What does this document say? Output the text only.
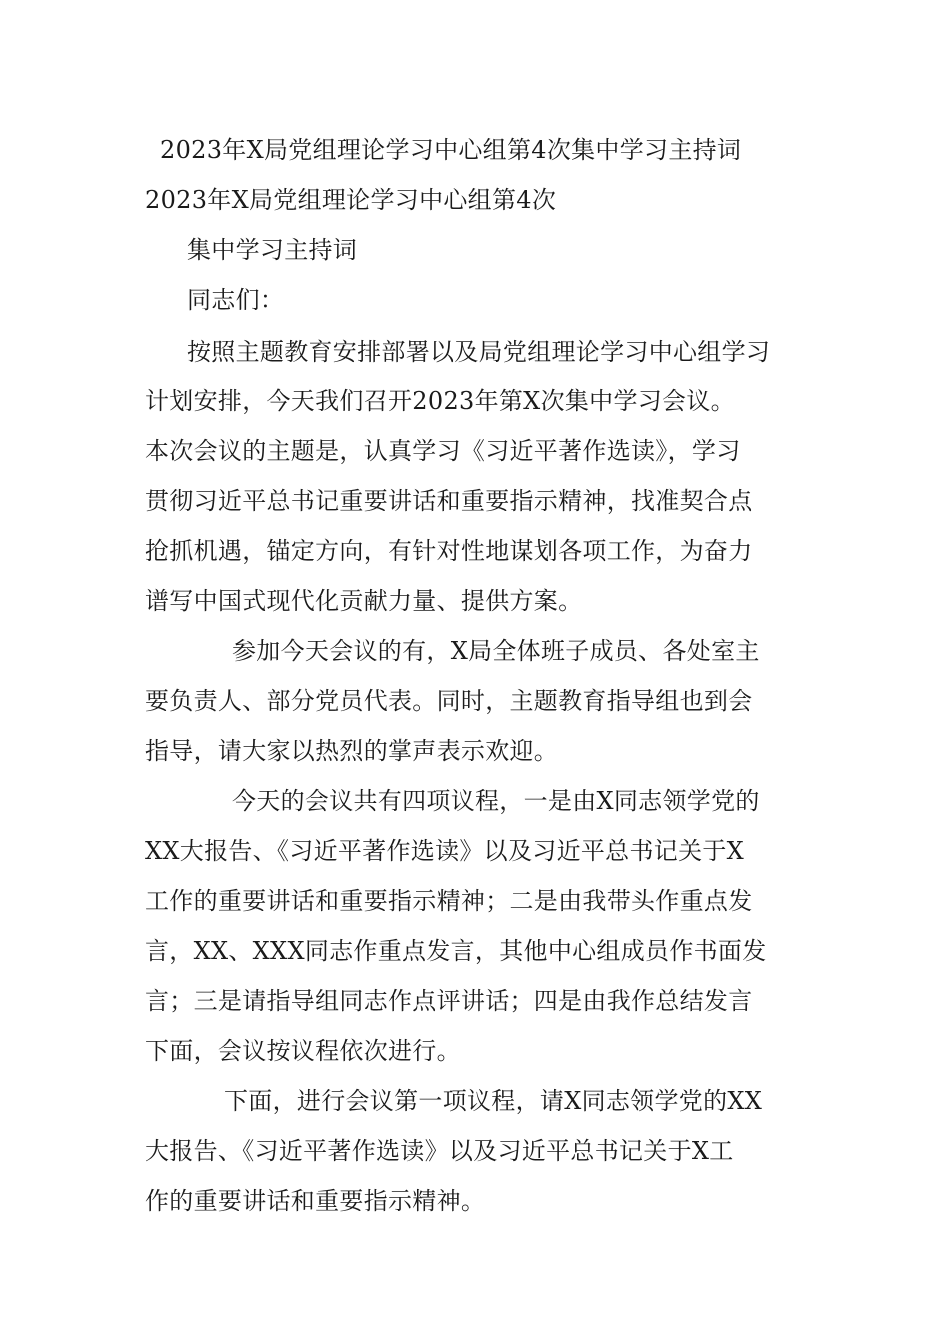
2023年X局党组理论学习中心组第4次集中学习主持词
2023年X局党组理论学习中心组第4次
集中学习主持词
同志们：
按照主题教育安排部署以及局党组理论学习中心组学习
计划安排，今天我们召开2023年第X次集中学习会议。
本次会议的主题是，认真学习《习近平著作选读》，学习
贯彻习近平总书记重要讲话和重要指示精神，找准契合点
抢抓机遇，锚定方向，有针对性地谋划各项工作，为奋力
谱写中国式现代化贡献力量、提供方案。
参加今天会议的有，X局全体班子成员、各处室主
要负责人、部分党员代表。同时，主题教育指导组也到会
指导，请大家以热烈的掌声表示欢迎。
今天的会议共有四项议程，一是由X同志领学党的
XX大报告、《习近平著作选读》以及习近平总书记关于X
工作的重要讲话和重要指示精神；二是由我带头作重点发
言，XX、XXX同志作重点发言，其他中心组成员作书面发
言；三是请指导组同志作点评讲话；四是由我作总结发言
下面，会议按议程依次进行。
下面，进行会议第一项议程，请X同志领学党的XX
大报告、《习近平著作选读》以及习近平总书记关于X工
作的重要讲话和重要指示精神。
